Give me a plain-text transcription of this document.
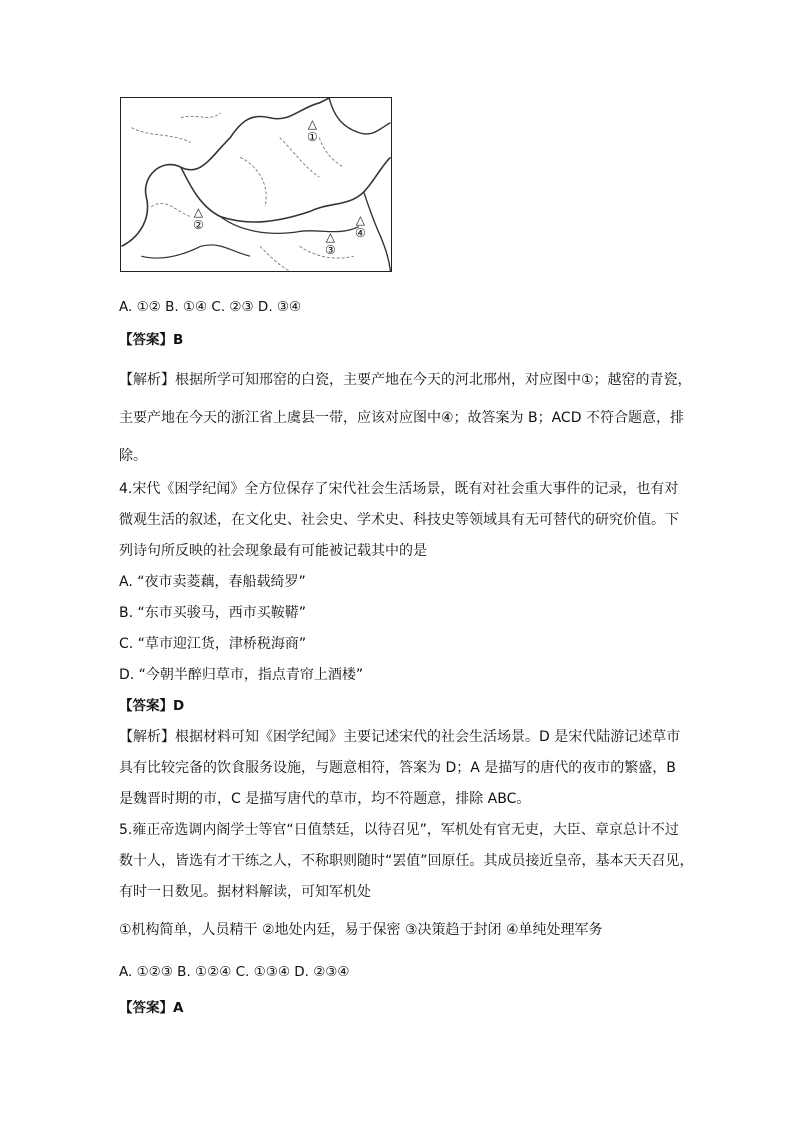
△
①
△
②
△
③
△
④
A. ①② B. ①④ C. ②③ D. ③④
【答案】B
【解析】根据所学可知邢窑的白瓷，主要产地在今天的河北邢州，对应图中①；越窑的青瓷，
主要产地在今天的浙江省上虞县一带，应该对应图中④；故答案为 B；ACD 不符合题意，排
除。
4.宋代《困学纪闻》全方位保存了宋代社会生活场景，既有对社会重大事件的记录，也有对
微观生活的叙述，在文化史、社会史、学术史、科技史等领域具有无可替代的研究价值。下
列诗句所反映的社会现象最有可能被记载其中的是
A. “夜市卖菱藕，春船载绮罗”
B. “东市买骏马，西市买鞍鞯”
C. “草市迎江货，津桥税海商”
D. “今朝半醉归草市，指点青帘上酒楼”
【答案】D
【解析】根据材料可知《困学纪闻》主要记述宋代的社会生活场景。D 是宋代陆游记述草市
具有比较完备的饮食服务设施，与题意相符，答案为 D；A 是描写的唐代的夜市的繁盛，B
是魏晋时期的市，C 是描写唐代的草市，均不符题意，排除 ABC。
5.雍正帝选调内阁学士等官“日值禁廷，以待召见”，军机处有官无吏，大臣、章京总计不过
数十人，皆选有才干练之人，不称职则随时“罢值”回原任。其成员接近皇帝，基本天天召见，
有时一日数见。据材料解读，可知军机处
①机构简单，人员精干 ②地处内廷，易于保密 ③决策趋于封闭 ④单纯处理军务
A. ①②③ B. ①②④ C. ①③④ D. ②③④
【答案】A
